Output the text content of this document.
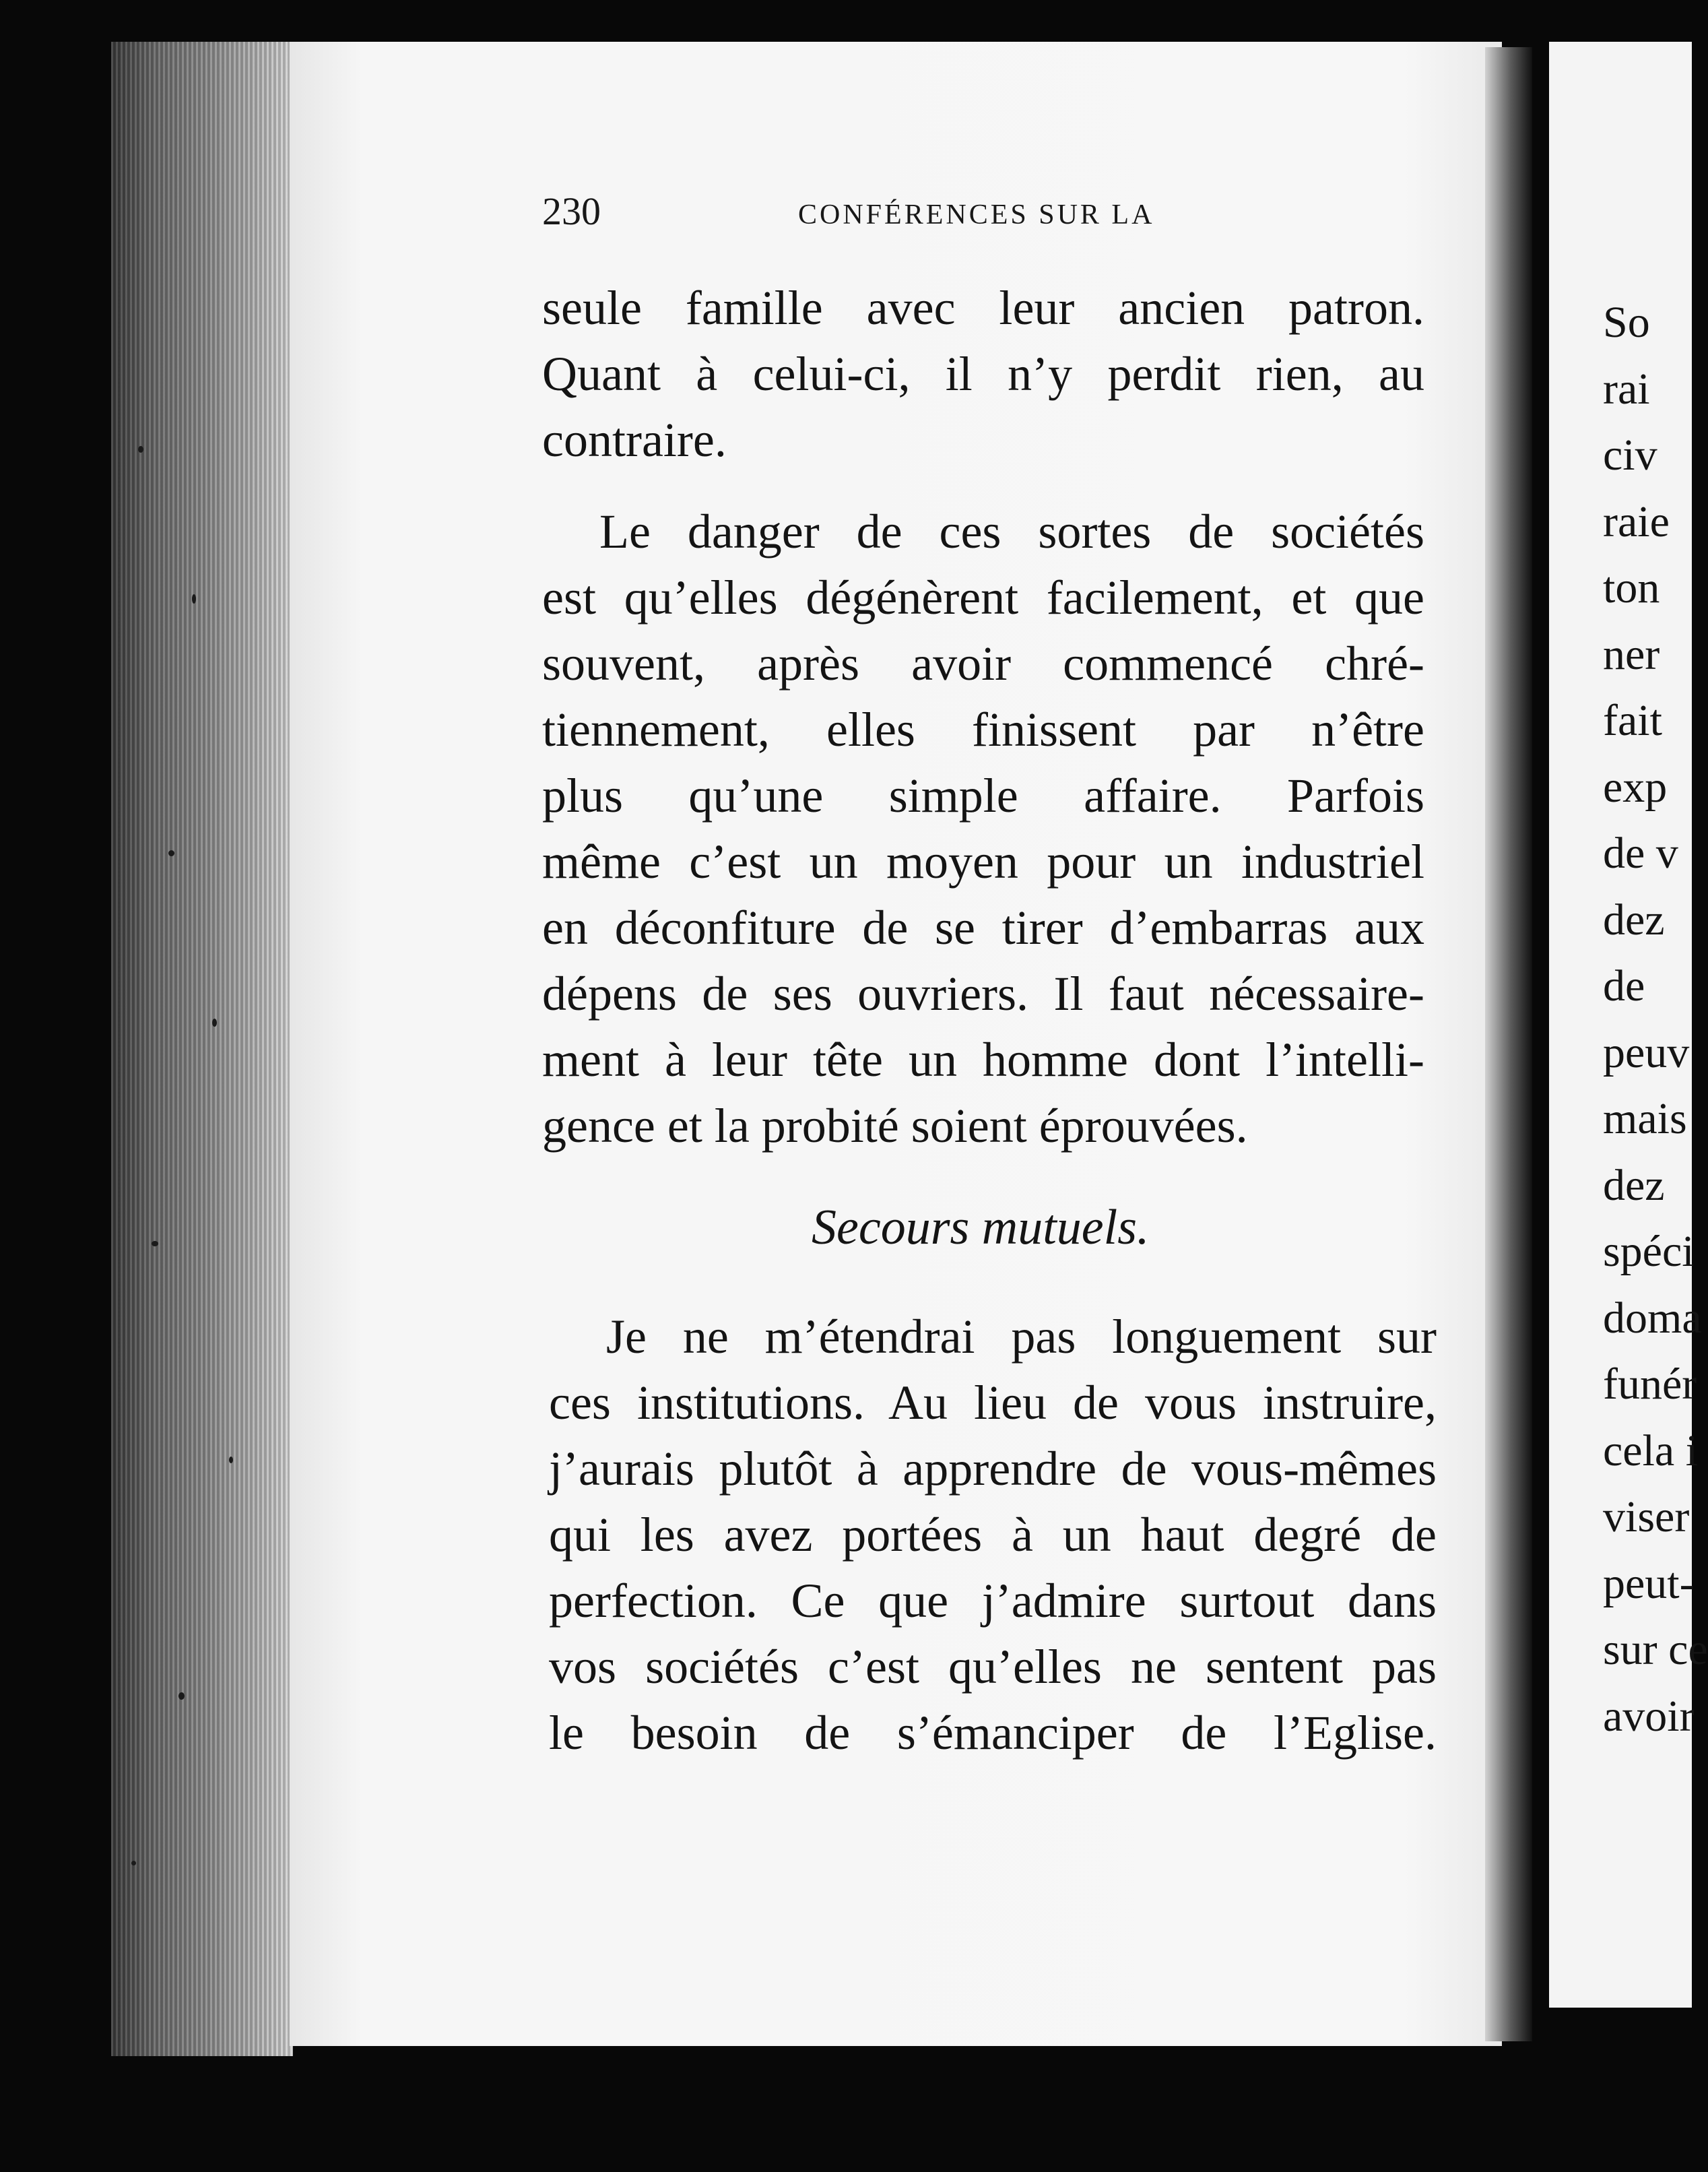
230	CONFÉRENCES SUR LA
seule famille avec leur ancien patron.
Quant à celui-ci, il n’y perdit rien, au
contraire.
Le danger de ces sortes de sociétés
est qu’elles dégénèrent facilement, et que
souvent, après avoir commencé chré-
tiennement, elles finissent par n’être
plus qu’une simple affaire. Parfois
même c’est un moyen pour un industriel
en déconfiture de se tirer d’embarras aux
dépens de ses ouvriers. Il faut nécessaire-
ment à leur tête un homme dont l’intelli-
gence et la probité soient éprouvées.
Secours mutuels.
Je ne m’étendrai pas longuement sur
ces institutions. Au lieu de vous instruire,
j’aurais plutôt à apprendre de vous-mêmes
qui les avez portées à un haut degré de
perfection. Ce que j’admire surtout dans
vos sociétés c’est qu’elles ne sentent pas
le besoin de s’émanciper de l’Eglise.
So
rai
civ
raie
ton
ner
fait
exp
de v
dez
de
peuv
mais
dez
spéci
doma
funér
cela i
viser
peut-
sur ce
avoir
